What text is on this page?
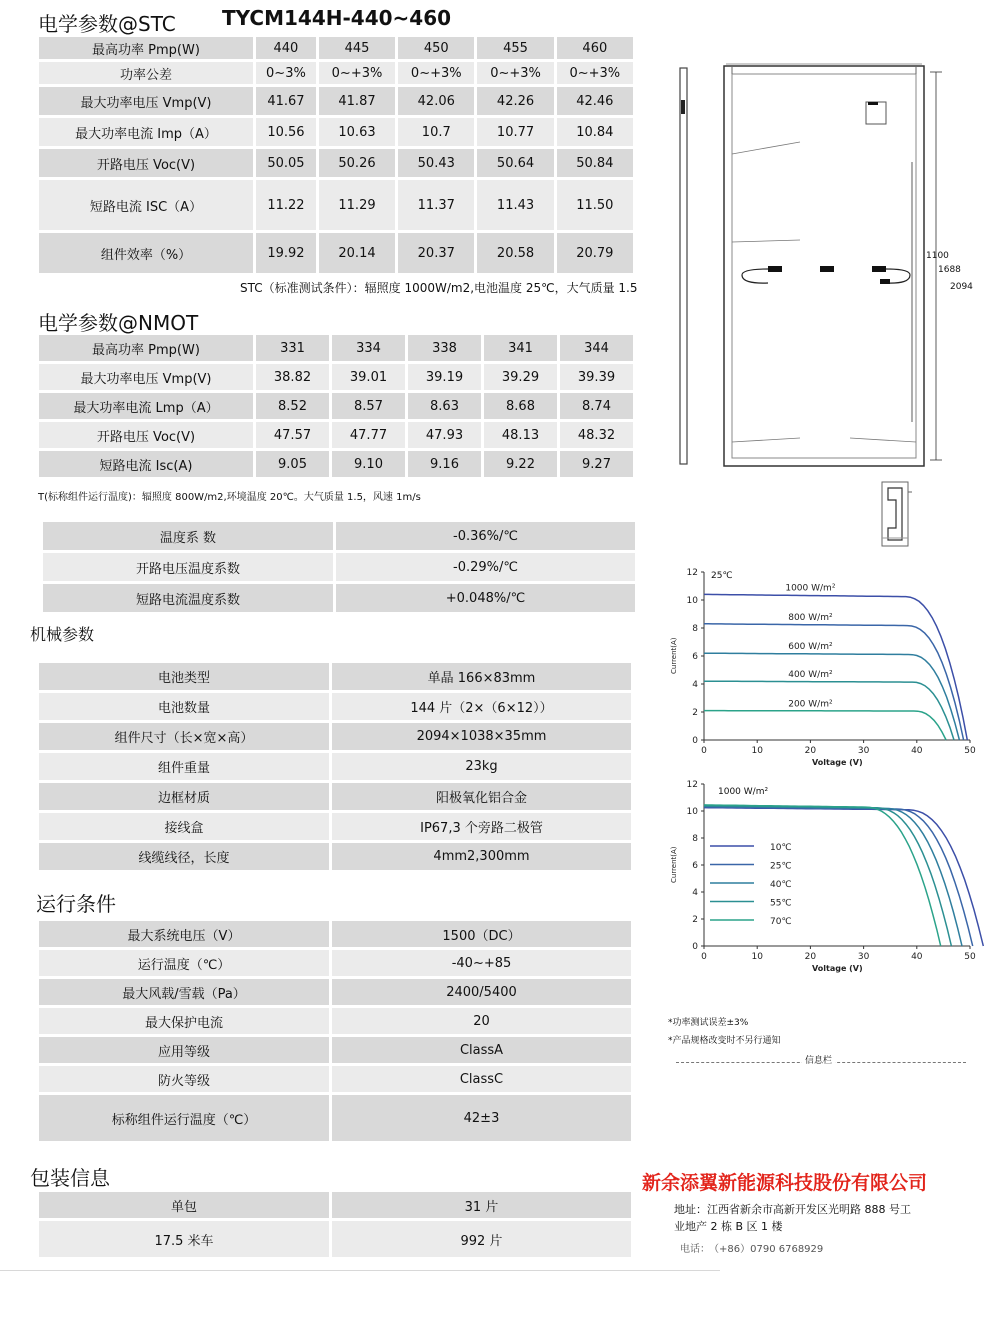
电学参数@STC TYCM144H-440~460
最高功率 Pmp(W)	440	445	450	455	460
功率公差	0~3%	0~+3%	0~+3%	0~+3%	0~+3%
最大功率电压 Vmp(V)	41.67	41.87	42.06	42.26	42.46
最大功率电流 Imp（A）	10.56	10.63	10.7	10.77	10.84
开路电压 Voc(V)	50.05	50.26	50.43	50.64	50.84
短路电流 ISC（A）	11.22	11.29	11.37	11.43	11.50
组件效率（%）	19.92	20.14	20.37	20.58	20.79
STC（标准测试条件）：辐照度 1000W/m2,电池温度 25℃，大气质量 1.5
电学参数@NMOT
最高功率 Pmp(W)	331	334	338	341	344
最大功率电压 Vmp(V)	38.82	39.01	39.19	39.29	39.39
最大功率电流 Lmp（A）	8.52	8.57	8.63	8.68	8.74
开路电压 Voc(V)	47.57	47.77	47.93	48.13	48.32
短路电流 Isc(A)	9.05	9.10	9.16	9.22	9.27
T(标称组件运行温度)：辐照度 800W/m2,环境温度 20℃。大气质量 1.5，风速 1m/s
温度系 数	-0.36%/℃
开路电压温度系数	-0.29%/℃
短路电流温度系数	+0.048%/℃
机械参数
电池类型	单晶 166×83mm
电池数量	144 片（2×（6×12））
组件尺寸（长×宽×高）	2094×1038×35mm
组件重量	23kg
边框材质	阳极氧化铝合金
接线盒	IP67,3 个旁路二极管
线缆线径，长度	4mm2,300mm
运行条件
最大系统电压（V）	1500（DC）
运行温度（℃）	-40~+85
最大风载/雪载（Pa）	2400/5400
最大保护电流	20
应用等级	ClassA
防火等级	ClassC
标称组件运行温度（℃）	42±3
包装信息
单包	31 片
17.5 米车	992 片
1100
1688
2094
0	10	20	30	40	50
0
2
4
6
8
10
12
Voltage (V)
Current(A)
25℃
1000 W/m²
800 W/m²
600 W/m²
400 W/m²
200 W/m²
0	10	20	30	40	50
0
2
4
6
8
10
12
Voltage (V)
Current(A)
1000 W/m²
10℃
25℃
40℃
55℃
70℃
*功率测试误差±3%
*产品规格改变时不另行通知
信息栏
新余添翼新能源科技股份有限公司
地址：江西省新余市高新开发区光明路 888 号工
业地产 2 栋 B 区 1 楼
电话： （+86）0790 6768929
